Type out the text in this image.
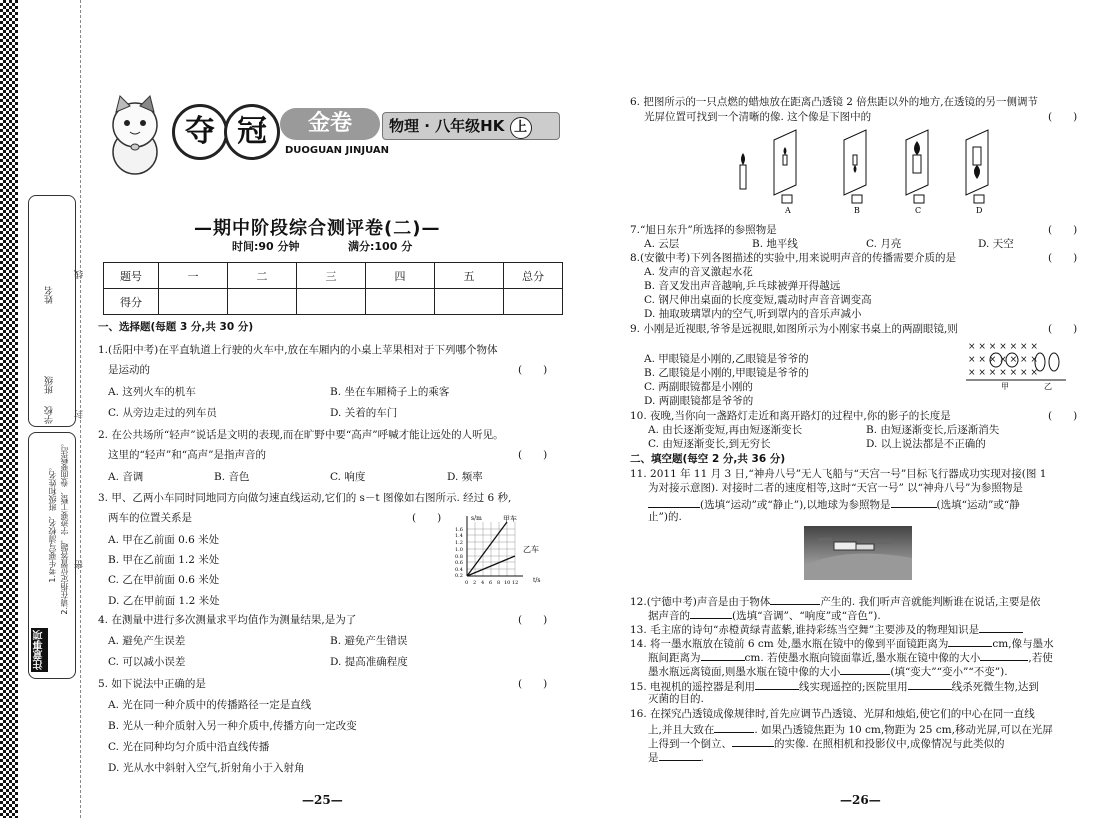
线
封
密
姓名
班级
学校
注意事项
1.考生要写清校名、班级和姓名。 2.请在指定位置答题，字迹要工整、卷面要整洁。
夺 冠	金卷
DUOGUAN JINJUAN
物理 · 八年级HK 上
—期中阶段综合测评卷(二)—
时间:90 分钟	满分:100 分
题号	一	二	三	四	五	总分
得分						
一、选择题(每题 3 分,共 30 分)
1.(岳阳中考)在平直轨道上行驶的火车中,放在车厢内的小桌上苹果相对于下列哪个物体
是运动的	(　　)
A. 这列火车的机车	B. 坐在车厢椅子上的乘客
C. 从旁边走过的列车员	D. 关着的车门
2. 在公共场所“轻声”说话是文明的表现,而在旷野中要“高声”呼喊才能让远处的人听见。
这里的“轻声”和“高声”是指声音的	(　　)
A. 音调	B. 音色	C. 响度	D. 频率
3. 甲、乙两小车同时同地同方向做匀速直线运动,它们的 s－t 图像如右图所示. 经过 6 秒,
两车的位置关系是	(　　)
A. 甲在乙前面 0.6 米处
B. 甲在乙前面 1.2 米处
C. 乙在甲前面 0.6 米处
D. 乙在甲前面 1.2 米处
s/m
t/s
甲车
乙车
1.6
1.4
1.2
1.0
0.8
0.6
0.4
0.2
0 2 4 6 8 10 12
4. 在测量中进行多次测量求平均值作为测量结果,是为了	(　　)
A. 避免产生误差	B. 避免产生错误
C. 可以减小误差	D. 提高准确程度
5. 如下说法中正确的是	(　　)
A. 光在同一种介质中的传播路径一定是直线
B. 光从一种介质射入另一种介质中,传播方向一定改变
C. 光在同种均匀介质中沿直线传播
D. 光从水中斜射入空气,折射角小于入射角
—25—
6. 把图所示的一只点燃的蜡烛放在距离凸透镜 2 倍焦距以外的地方,在透镜的另一侧调节
光屏位置可找到一个清晰的像. 这个像是下图中的	(　　)
A	B	C	D
7.“旭日东升”所选择的参照物是	(　　)
A. 云层	B. 地平线	C. 月亮	D. 天空
8.(安徽中考)下列各图描述的实验中,用来说明声音的传播需要介质的是	(　　)
A. 发声的音叉激起水花
B. 音叉发出声音越响,乒乓球被弹开得越远
C. 钢尺伸出桌面的长度变短,震动时声音音调变高
D. 抽取玻璃罩内的空气,听到罩内的音乐声减小
9. 小刚是近视眼,爷爷是远视眼,如图所示为小刚家书桌上的两副眼镜,则	(　　)
A. 甲眼镜是小刚的,乙眼镜是爷爷的
B. 乙眼镜是小刚的,甲眼镜是爷爷的
C. 两副眼镜都是小刚的
D. 两副眼镜都是爷爷的
× × × × × × ×
× × × × × × ×
× × × × × × ×
甲	乙
10. 夜晚,当你向一盏路灯走近和离开路灯的过程中,你的影子的长度是	(　　)
A. 由长逐渐变短,再由短逐渐变长	B. 由短逐渐变长,后逐渐消失
C. 由短逐渐变长,到无穷长	D. 以上说法都是不正确的
二、填空题(每空 2 分,共 36 分)
11. 2011 年 11 月 3 日,“神舟八号”无人飞船与“天宫一号”目标飞行器成功实现对接(图 1
为对接示意图). 对接时二者的速度相等,这时“天宫一号” 以“神舟八号”为参照物是
(选填“运动”或“静止”),以地球为参照物是	(选填“运动”或“静
止”)的.
12.(宁德中考)声音是由于物体	产生的. 我们听声音就能判断谁在说话,主要是依
据声音的	(选填“音调”、“响度”或“音色”).
13. 毛主席的诗句“赤橙黄绿青蓝紫,谁持彩练当空舞”主要涉及的物理知识是
14. 将一墨水瓶放在镜前 6 cm 处,墨水瓶在镜中的像到平面镜距离为	cm,像与墨水
瓶间距离为	cm. 若使墨水瓶向镜面靠近,墨水瓶在镜中像的大小	,若使
墨水瓶远离镜面,则墨水瓶在镜中像的大小	(填“变大”“变小”“不变”).
15. 电视机的遥控器是利用	线实现遥控的;医院里用	线杀死微生物,达到
灭菌的目的.
16. 在探究凸透镜成像规律时,首先应调节凸透镜、光屏和烛焰,使它们的中心在同一直线
上,并且大致在	. 如果凸透镜焦距为 10 cm,物距为 25 cm,移动光屏,可以在光屏
上得到一个倒立、	的实像. 在照相机和投影仪中,成像情况与此类似的
是	.
—26—
